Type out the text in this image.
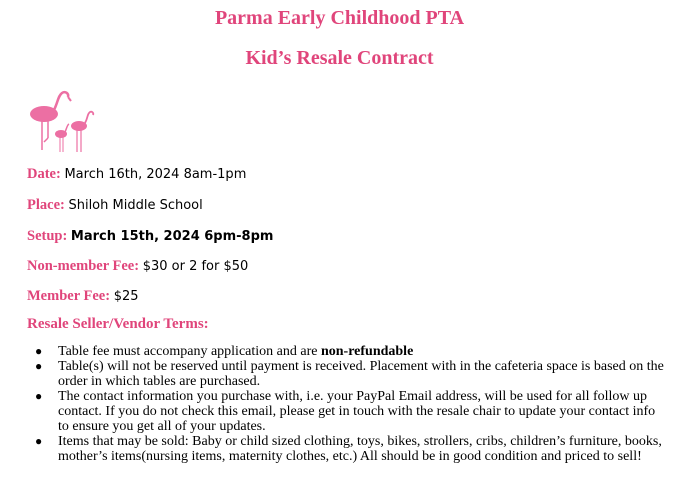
Parma Early Childhood PTA
Kid’s Resale Contract
Date: March 16th, 2024 8am-1pm
Place: Shiloh Middle School
Setup: March 15th, 2024 6pm-8pm
Non-member Fee: $30 or 2 for $50
Member Fee: $25
Resale Seller/Vendor Terms:
● Table fee must accompany application and are non-refundable
● Table(s) will not be reserved until payment is received. Placement with in the cafeteria space is based on the order in which tables are purchased.
● The contact information you purchase with, i.e. your PayPal Email address, will be used for all follow up contact. If you do not check this email, please get in touch with the resale chair to update your contact info to ensure you get all of your updates.
● Items that may be sold: Baby or child sized clothing, toys, bikes, strollers, cribs, children’s furniture, books, mother’s items(nursing items, maternity clothes, etc.) All should be in good condition and priced to sell!
